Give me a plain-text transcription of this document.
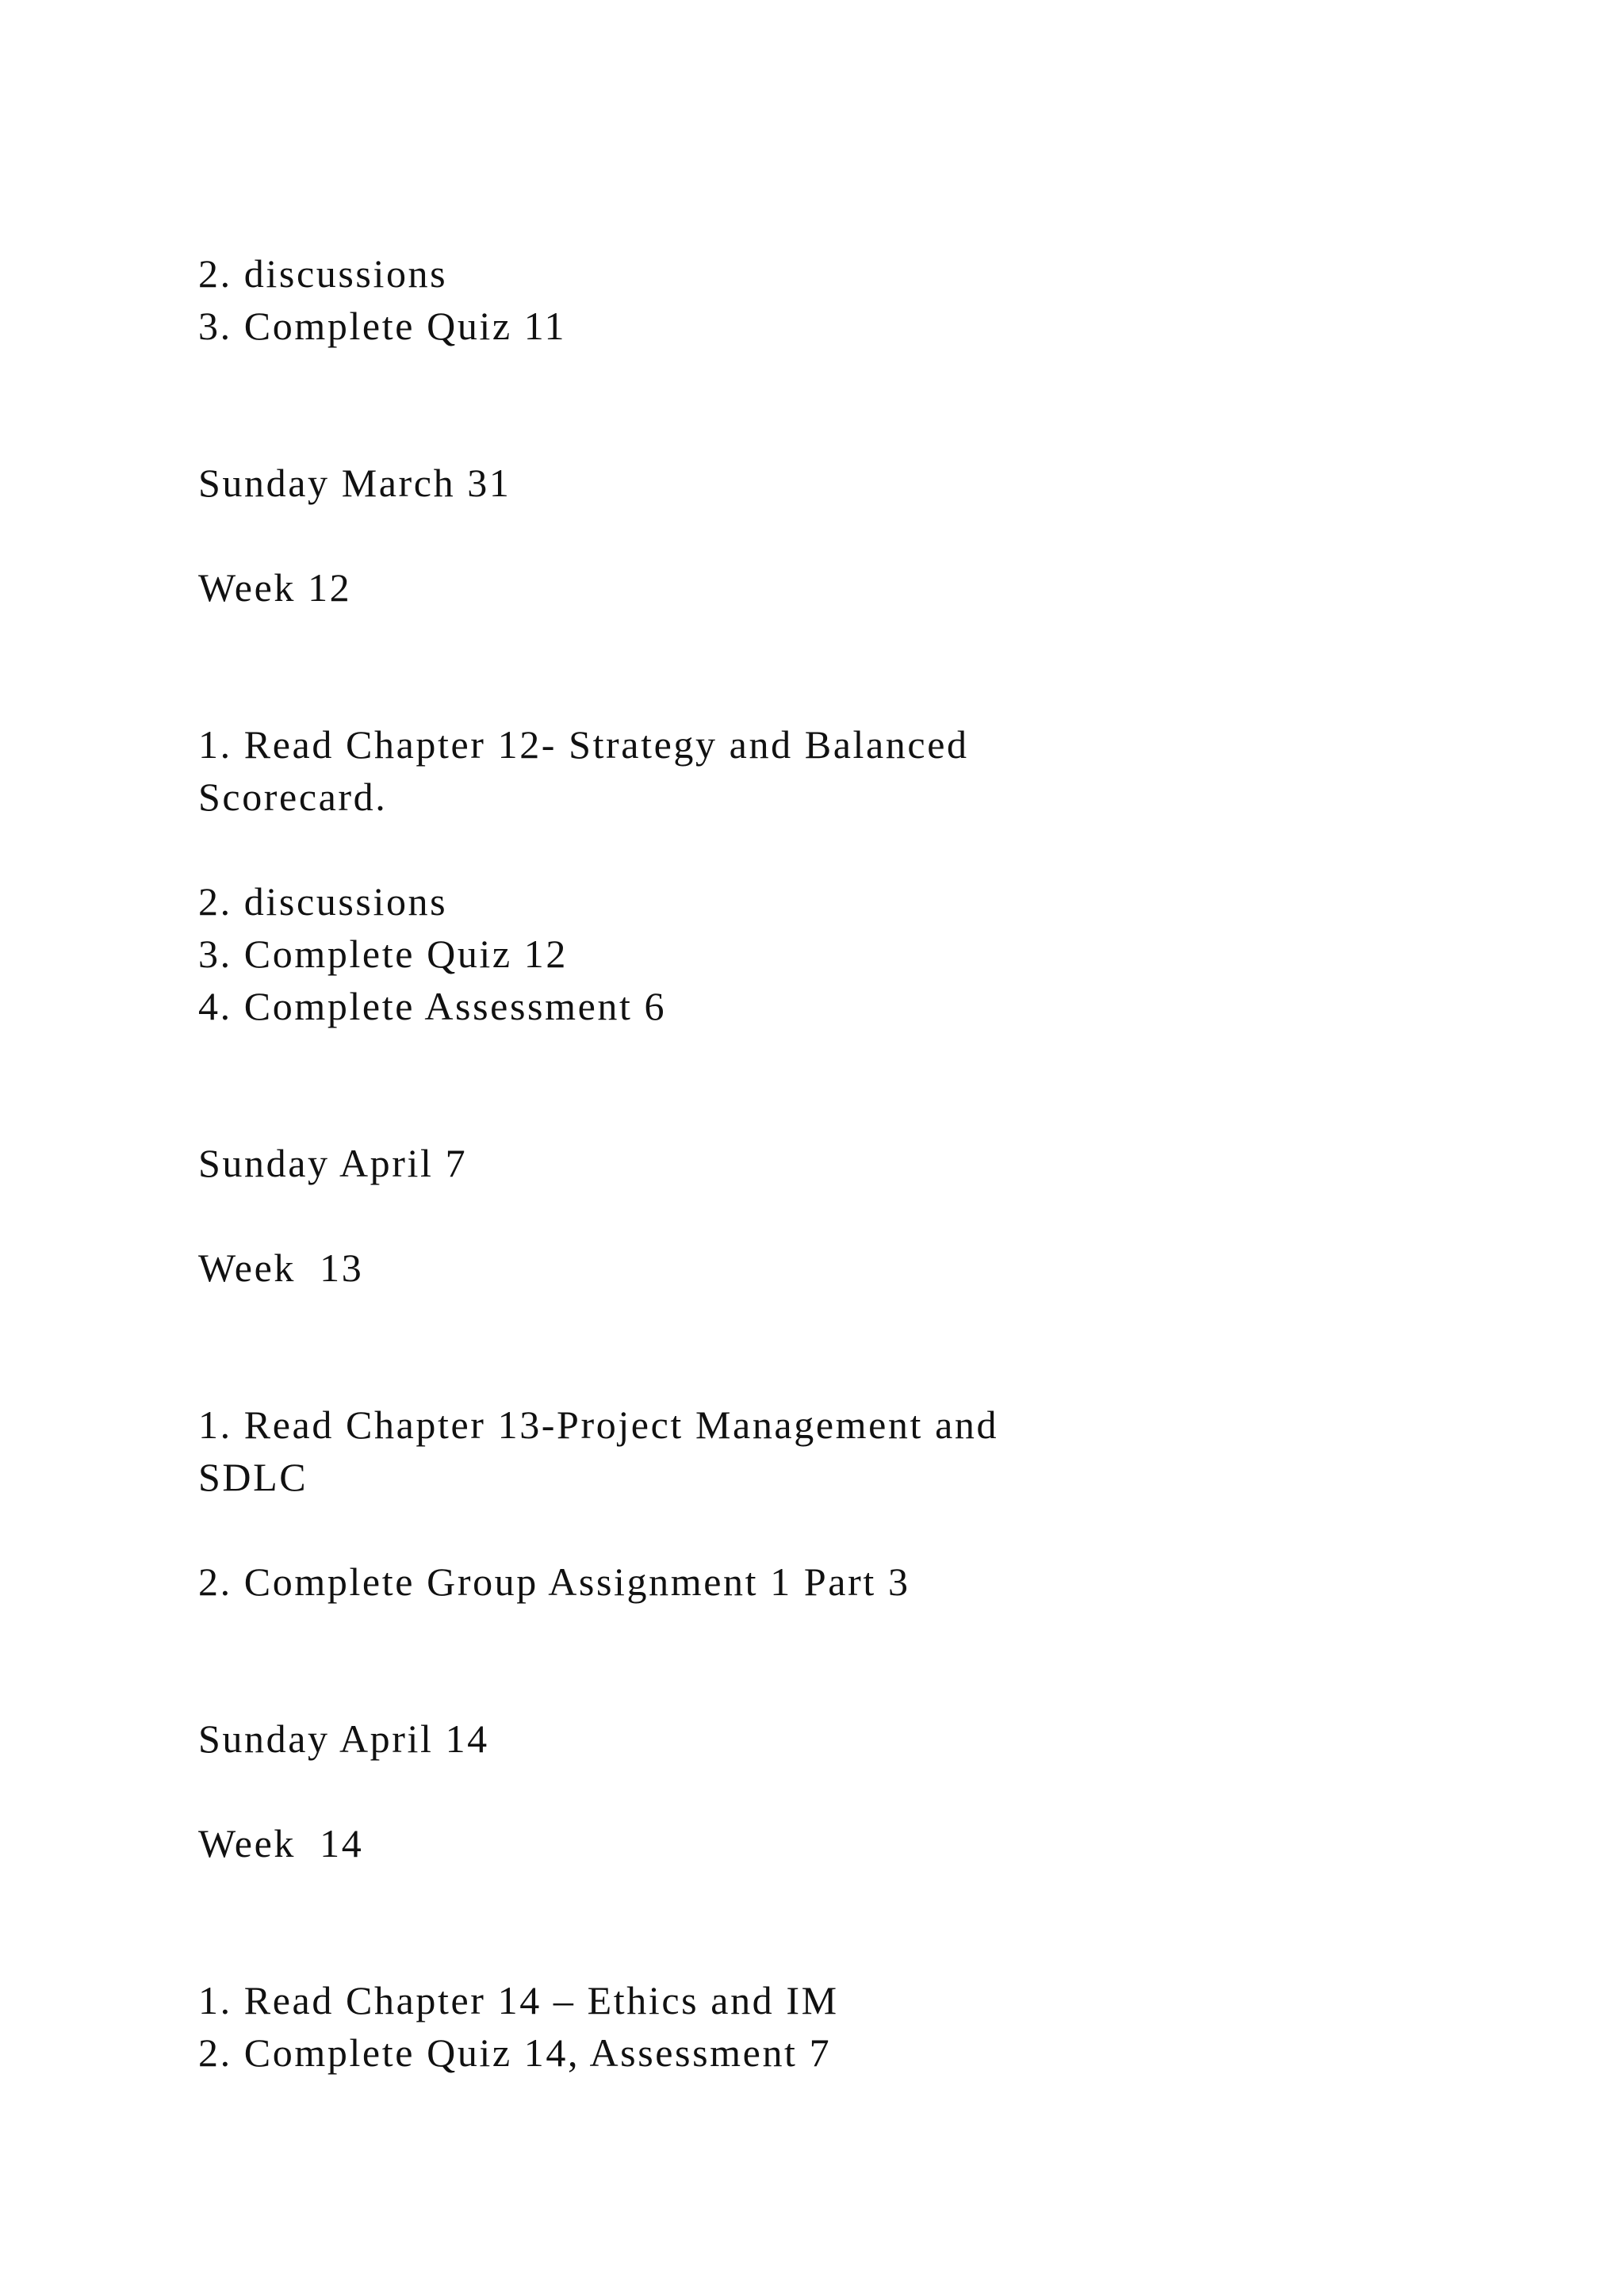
2. discussions

3. Complete Quiz 11

Sunday March 31

Week 12

1. Read Chapter 12- Strategy and Balanced

Scorecard.

2. discussions

3. Complete Quiz 12

4. Complete Assessment 6

Sunday April 7

Week  13

1. Read Chapter 13-Project Management and

SDLC

2. Complete Group Assignment 1 Part 3

Sunday April 14

Week  14

1. Read Chapter 14 – Ethics and IM

2. Complete Quiz 14, Assessment 7
